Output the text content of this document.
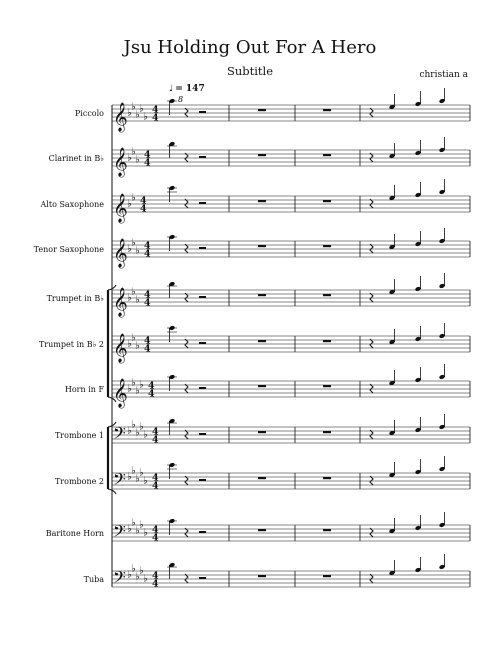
Jsu Holding Out For A Hero
Subtitle	christian a
♩ = 147
8
Piccolo 𝄞 ♭
♭
♭
♭
♭
4
4
Clarinet in B♭ 𝄞 ♭
♭
♭ 4
4
Alto Saxophone 𝄞 ♭
♭ 4
4
Tenor Saxophone 𝄞 ♭
♭
♭ 4
4
Trumpet in B♭ 𝄞 ♭
♭
♭ 4
4
Trumpet in B♭ 2 𝄞 ♭
♭
♭ 4
4
Horn in F 𝄞 ♭
♭
♭
♭ 4
4
Trombone 1 𝄢 ♭
♭
♭
♭
♭ 4
4
Trombone 2 𝄢 ♭
♭
♭
♭
♭ 4
4
Baritone Horn 𝄢 ♭
♭
♭
♭
♭ 4
4
Tuba 𝄢 ♭
♭
♭
♭
♭ 4
4
